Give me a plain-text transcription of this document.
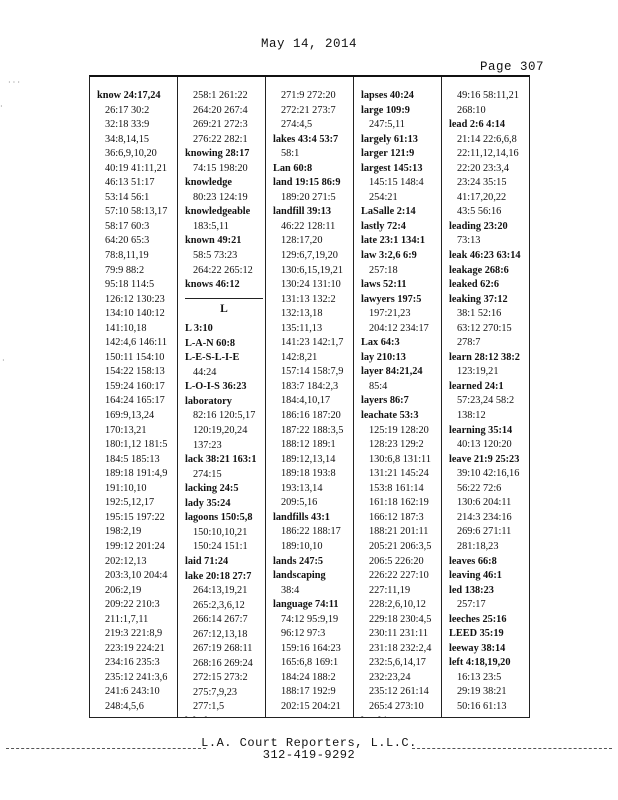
May 14, 2014
Page 307
know 24:17,24
26:17 30:2
32:18 33:9
34:8,14,15
36:6,9,10,20
40:19 41:11,21
46:13 51:17
53:14 56:1
57:10 58:13,17
58:17 60:3
64:20 65:3
78:8,11,19
79:9 88:2
95:18 114:5
126:12 130:23
134:10 140:12
141:10,18
142:4,6 146:11
150:11 154:10
154:22 158:13
159:24 160:17
164:24 165:17
169:9,13,24
170:13,21
180:1,12 181:5
184:5 185:13
189:18 191:4,9
191:10,10
192:5,12,17
195:15 197:22
198:2,19
199:12 201:24
202:12,13
203:3,10 204:4
206:2,19
209:22 210:3
211:1,7,11
219:3 221:8,9
223:19 224:21
234:16 235:3
235:12 241:3,6
241:6 243:10
248:4,5,6
258:1 261:22
264:20 267:4
269:21 272:3
276:22 282:1
knowing 28:17
74:15 198:20
knowledge
80:23 124:19
knowledgeable
183:5,11
known 49:21
58:5 73:23
264:22 265:12
knows 46:12
L
L 3:10
L-A-N 60:8
L-E-S-L-I-E
44:24
L-O-I-S 36:23
laboratory
82:16 120:5,17
120:19,20,24
137:23
lack 38:21 163:1
274:15
lacking 24:5
lady 35:24
lagoons 150:5,8
150:10,10,21
150:24 151:1
laid 71:24
lake 20:18 27:7
264:13,19,21
265:2,3,6,12
266:14 267:7
267:12,13,18
267:19 268:11
268:16 269:24
272:15 273:2
275:7,9,23
277:1,5
271:9 272:20
272:21 273:7
274:4,5
lakes 43:4 53:7
58:1
Lan 60:8
land 19:15 86:9
189:20 271:5
landfill 39:13
46:22 128:11
128:17,20
129:6,7,19,20
130:6,15,19,21
130:24 131:10
131:13 132:2
132:13,18
135:11,13
141:23 142:1,7
142:8,21
157:14 158:7,9
183:7 184:2,3
184:4,10,17
186:16 187:20
187:22 188:3,5
188:12 189:1
189:12,13,14
189:18 193:8
193:13,14
209:5,16
landfills 43:1
186:22 188:17
189:10,10
lands 247:5
landscaping
38:4
language 74:11
74:12 95:9,19
96:12 97:3
159:16 164:23
165:6,8 169:1
184:24 188:2
188:17 192:9
202:15 204:21
lapses 40:24
large 109:9
247:5,11
largely 61:13
larger 121:9
largest 145:13
145:15 148:4
254:21
LaSalle 2:14
lastly 72:4
late 23:1 134:1
law 3:2,6 6:9
257:18
laws 52:11
lawyers 197:5
197:21,23
204:12 234:17
Lax 64:3
lay 210:13
layer 84:21,24
85:4
layers 86:7
leachate 53:3
125:19 128:20
128:23 129:2
130:6,8 131:11
131:21 145:24
153:8 161:14
161:18 162:19
166:12 187:3
188:21 201:11
205:21 206:3,5
206:5 226:20
226:22 227:10
227:11,19
228:2,6,10,12
229:18 230:4,5
230:11 231:11
231:18 232:2,4
232:5,6,14,17
232:23,24
235:12 261:14
265:4 273:10
49:16 58:11,21
268:10
lead 2:6 4:14
21:14 22:6,6,8
22:11,12,14,16
22:20 23:3,4
23:24 35:15
41:17,20,22
43:5 56:16
leading 23:20
73:13
leak 46:23 63:14
leakage 268:6
leaked 62:6
leaking 37:12
38:1 52:16
63:12 270:15
278:7
learn 28:12 38:2
123:19,21
learned 24:1
57:23,24 58:2
138:12
learning 35:14
40:13 120:20
leave 21:9 25:23
39:10 42:16,16
56:22 72:6
130:6 204:11
214:3 234:16
269:6 271:11
281:18,23
leaves 66:8
leaving 46:1
led 138:23
257:17
leeches 25:16
LEED 35:19
leeway 38:14
left 4:18,19,20
16:13 23:5
29:19 38:21
50:16 61:13
· · ·
·
·
L.A. Court Reporters, L.L.C.
312-419-9292
